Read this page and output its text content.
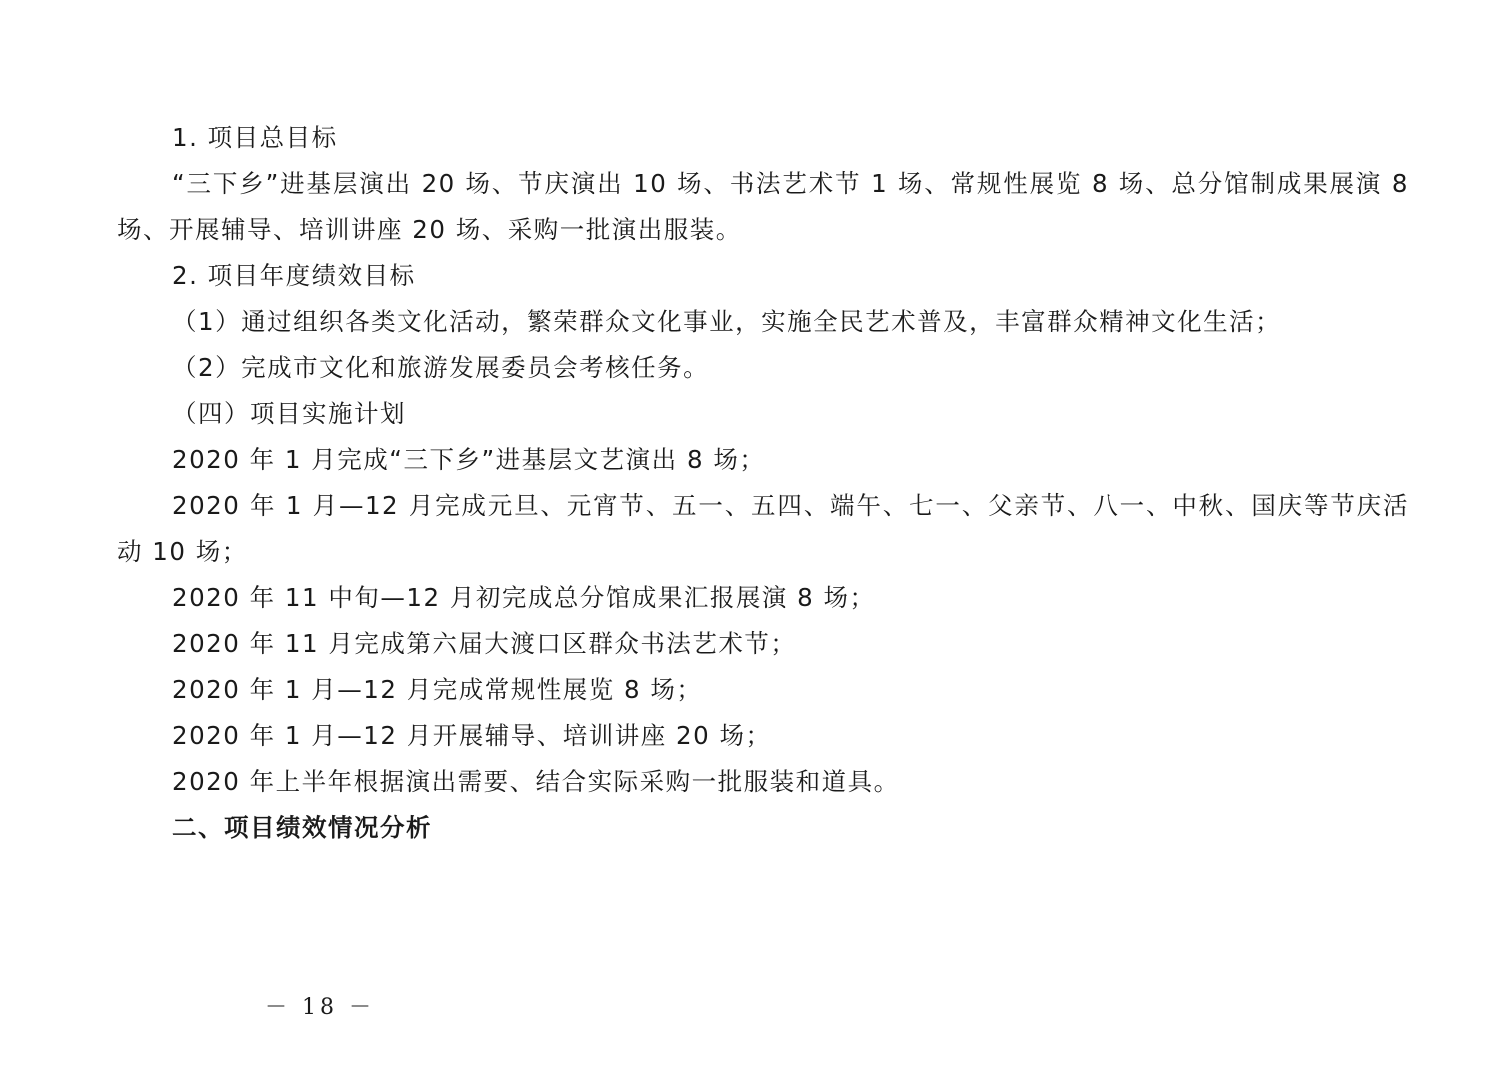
1. 项目总目标

“三下乡”进基层演出 20 场、节庆演出 10 场、书法艺术节 1 场、常规性展览 8 场、总分馆制成果展演 8 场、开展辅导、培训讲座 20 场、采购一批演出服装。

2. 项目年度绩效目标

（1）通过组织各类文化活动，繁荣群众文化事业，实施全民艺术普及，丰富群众精神文化生活；

（2）完成市文化和旅游发展委员会考核任务。

（四）项目实施计划

2020 年 1 月完成“三下乡”进基层文艺演出 8 场；

2020 年 1 月—12 月完成元旦、元宵节、五一、五四、端午、七一、父亲节、八一、中秋、国庆等节庆活动 10 场；

2020 年 11 中旬—12 月初完成总分馆成果汇报展演 8 场；

2020 年 11 月完成第六届大渡口区群众书法艺术节；

2020 年 1 月—12 月完成常规性展览 8 场；

2020 年 1 月—12 月开展辅导、培训讲座 20 场；

2020 年上半年根据演出需要、结合实际采购一批服装和道具。

二、项目绩效情况分析

－ 18 －
